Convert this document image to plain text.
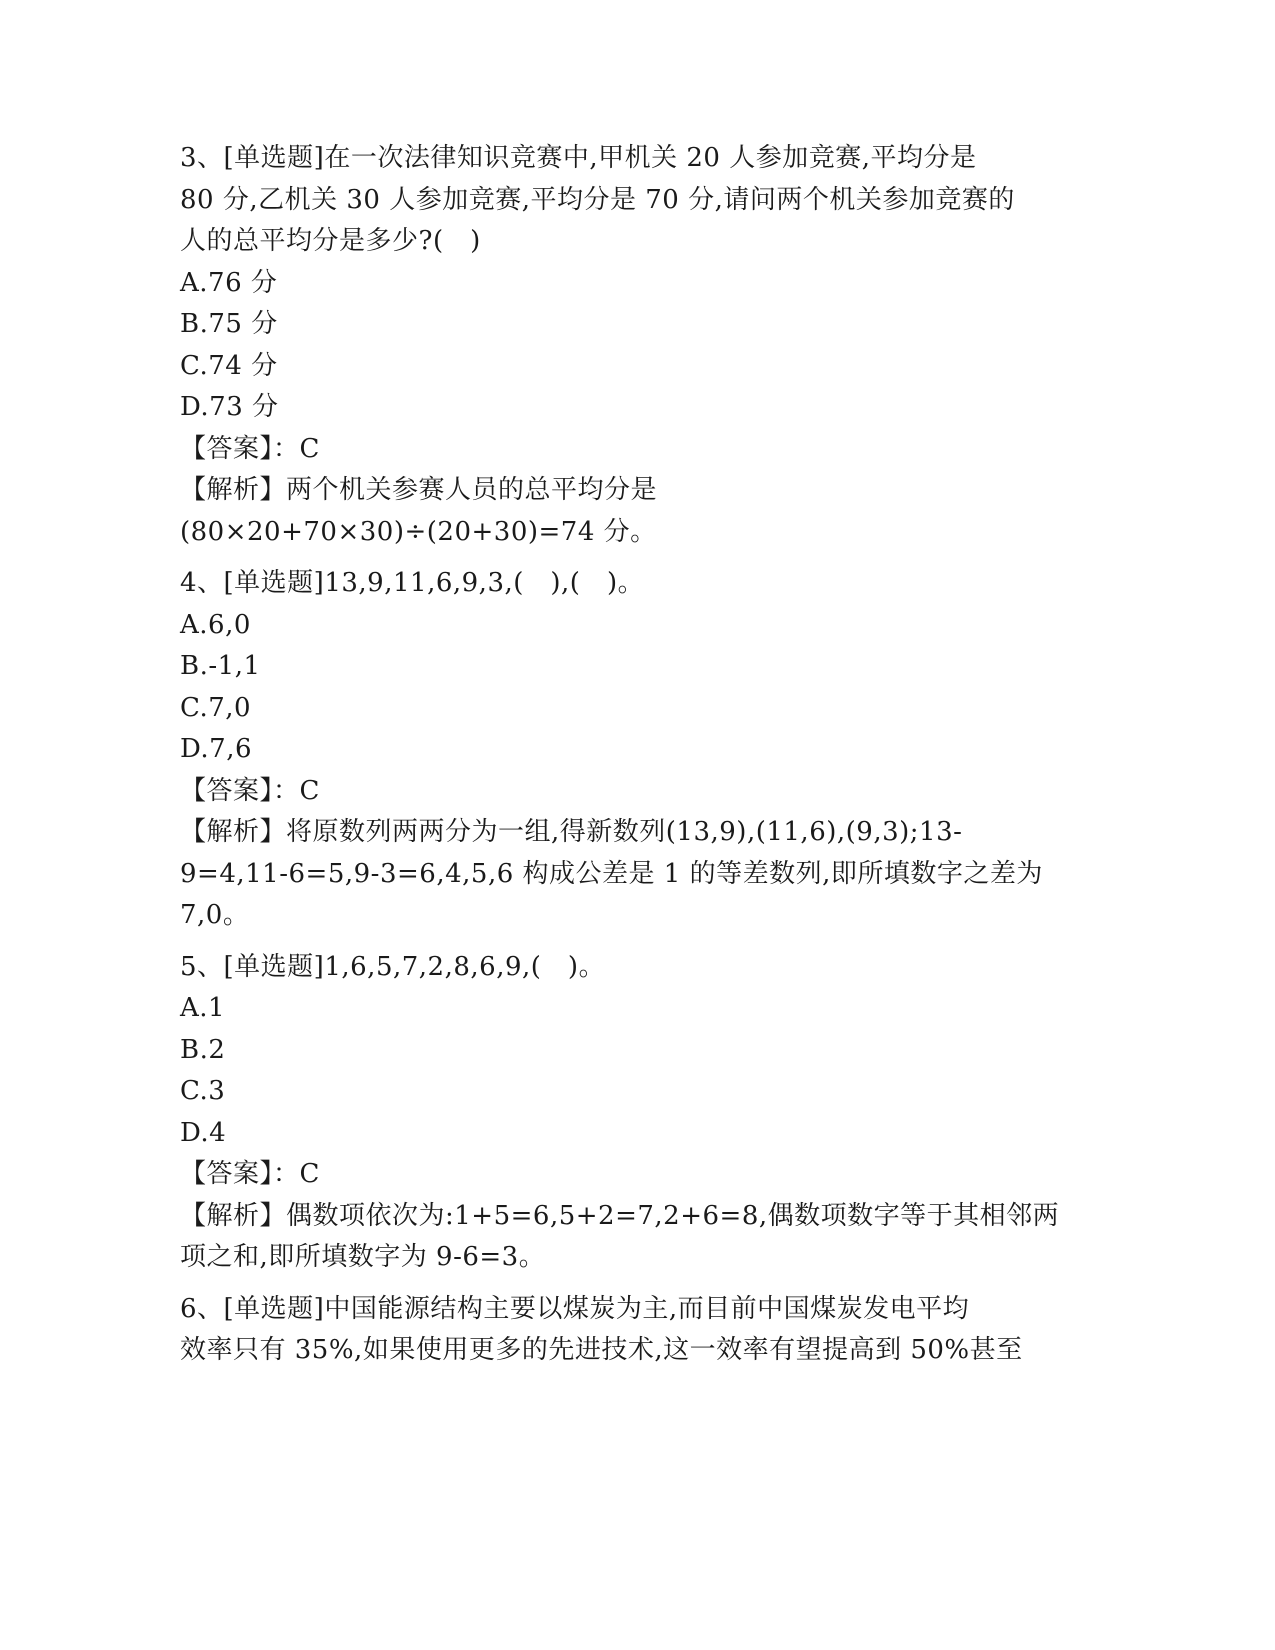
3、[单选题]在一次法律知识竞赛中,甲机关 20 人参加竞赛,平均分是
80 分,乙机关 30 人参加竞赛,平均分是 70 分,请问两个机关参加竞赛的
人的总平均分是多少?(　)
A.76 分
B.75 分
C.74 分
D.73 分
【答案】：C
【解析】两个机关参赛人员的总平均分是
(80×20+70×30)÷(20+30)=74 分。
4、[单选题]13,9,11,6,9,3,(　),(　)。
A.6,0
B.-1,1
C.7,0
D.7,6
【答案】：C
【解析】将原数列两两分为一组,得新数列(13,9),(11,6),(9,3);13-
9=4,11-6=5,9-3=6,4,5,6 构成公差是 1 的等差数列,即所填数字之差为
7,0。
5、[单选题]1,6,5,7,2,8,6,9,(　)。
A.1
B.2
C.3
D.4
【答案】：C
【解析】偶数项依次为:1+5=6,5+2=7,2+6=8,偶数项数字等于其相邻两
项之和,即所填数字为 9-6=3。
6、[单选题]中国能源结构主要以煤炭为主,而目前中国煤炭发电平均
效率只有 35%,如果使用更多的先进技术,这一效率有望提高到 50%甚至
